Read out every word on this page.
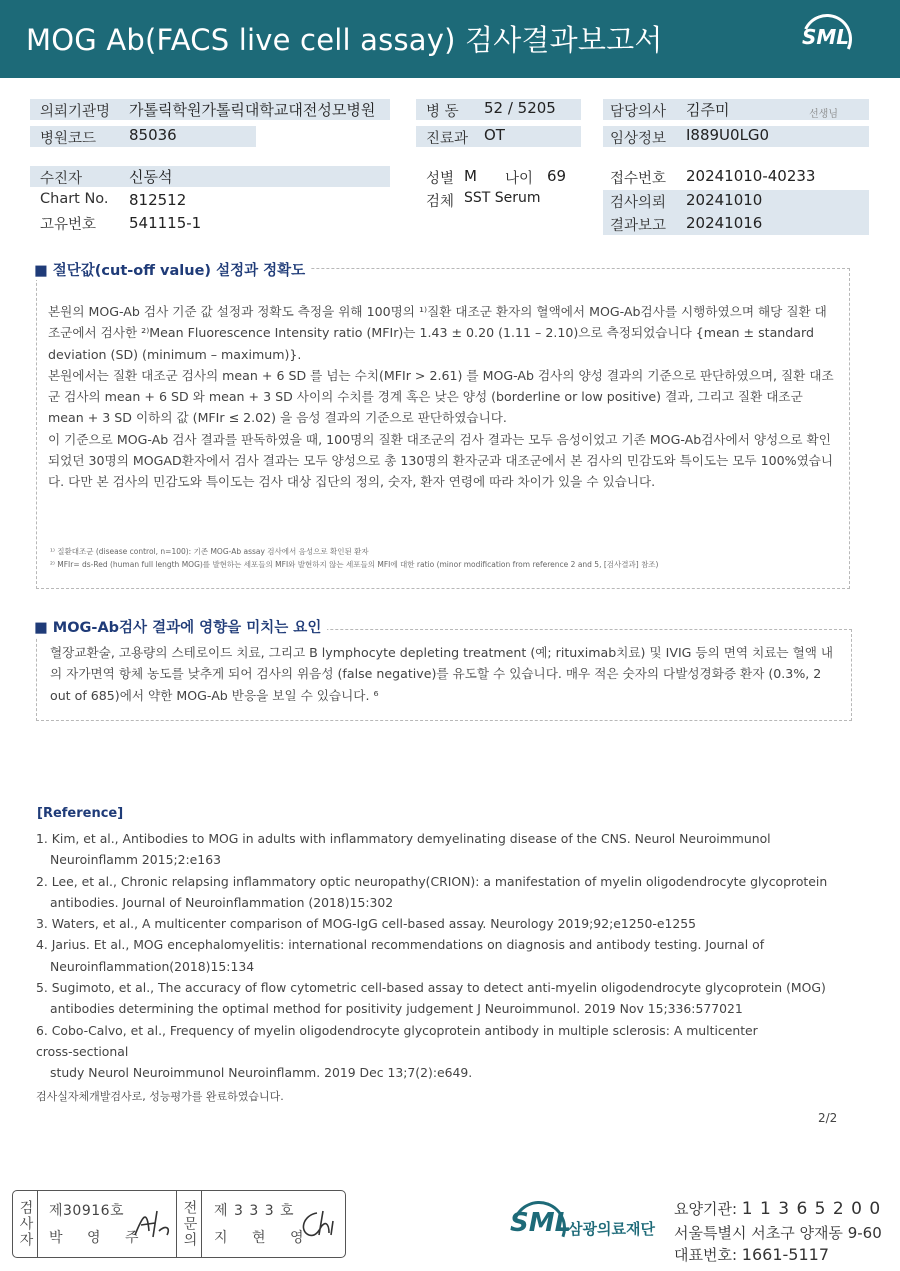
MOG Ab(FACS live cell assay) 검사결과보고서	SML
의뢰기관명 가톨릭학원가톨릭대학교대전성모병원
병원코드 85036
병 동 52 / 5205
진료과 OT
담당의사 김주미	선생님
임상정보 I889U0LG0
수진자	신동석
Chart No. 812512
고유번호 541115-1
성별 M 나이 69
검체 SST Serum
접수번호 20241010-40233
검사의뢰 20241010
결과보고 20241016
■ 절단값(cut-off value) 설정과 정확도

본원의 MOG-Ab 검사 기준 값 설정과 정확도 측정을 위해 100명의 ¹⁾질환 대조군 환자의 혈액에서 MOG-Ab검사를 시행하였으며 해당 질환 대조군에서 검사한 ²⁾Mean Fluorescence Intensity ratio (MFIr)는 1.43 ± 0.20 (1.11 – 2.10)으로 측정되었습니다 {mean ± standard deviation (SD) (minimum – maximum)}.

본원에서는 질환 대조군 검사의 mean + 6 SD 를 넘는 수치(MFIr > 2.61) 를 MOG-Ab 검사의 양성 결과의 기준으로 판단하였으며, 질환 대조군 검사의 mean + 6 SD 와 mean + 3 SD 사이의 수치를 경계 혹은 낮은 양성 (borderline or low positive) 결과, 그리고 질환 대조군 mean + 3 SD 이하의 값 (MFIr ≤ 2.02) 을 음성 결과의 기준으로 판단하였습니다.

이 기준으로 MOG-Ab 검사 결과를 판독하였을 때, 100명의 질환 대조군의 검사 결과는 모두 음성이었고 기존 MOG-Ab검사에서 양성으로 확인되었던 30명의 MOGAD환자에서 검사 결과는 모두 양성으로 총 130명의 환자군과 대조군에서 본 검사의 민감도와 특이도는 모두 100%였습니다. 다만 본 검사의 민감도와 특이도는 검사 대상 집단의 정의, 숫자, 환자 연령에 따라 차이가 있을 수 있습니다.

¹⁾ 질환대조군 (disease control, n=100): 기존 MOG-Ab assay 검사에서 음성으로 확인된 환자
²⁾ MFIr= ds-Red (human full length MOG)를 발현하는 세포들의 MFI와 발현하지 않는 세포들의 MFI에 대한 ratio (minor modification from reference 2 and 5, [검사결과] 참조)
■ MOG-Ab검사 결과에 영향을 미치는 요인

혈장교환술, 고용량의 스테로이드 치료, 그리고 B lymphocyte depleting treatment (예; rituximab치료) 및 IVIG 등의 면역 치료는 혈액 내의 자가면역 항체 농도를 낮추게 되어 검사의 위음성 (false negative)를 유도할 수 있습니다. 매우 적은 숫자의 다발성경화증 환자 (0.3%, 2 out of 685)에서 약한 MOG-Ab 반응을 보일 수 있습니다. ⁶

[Reference]
1. Kim, et al., Antibodies to MOG in adults with inflammatory demyelinating disease of the CNS. Neurol Neuroimmunol
Neuroinflamm 2015;2:e163
2. Lee, et al., Chronic relapsing inflammatory optic neuropathy(CRION): a manifestation of myelin oligodendrocyte glycoprotein
antibodies. Journal of Neuroinflammation (2018)15:302
3. Waters, et al., A multicenter comparison of MOG-IgG cell-based assay. Neurology 2019;92;e1250-e1255
4. Jarius. Et al., MOG encephalomyelitis: international recommendations on diagnosis and antibody testing. Journal of
Neuroinflammation(2018)15:134
5. Sugimoto, et al., The accuracy of flow cytometric cell-based assay to detect anti-myelin oligodendrocyte glycoprotein (MOG)
antibodies determining the optimal method for positivity judgement J Neuroimmunol. 2019 Nov 15;336:577021
6. Cobo-Calvo, et al., Frequency of myelin oligodendrocyte glycoprotein antibody in multiple sclerosis: A multicenter
cross-sectional
study Neurol Neuroimmunol Neuroinflamm. 2019 Dec 13;7(2):e649.
검사실자체개발검사로, 성능평가를 완료하였습니다.
2/2
검사자 제30916호
박 영 주 전문의 제 3 3 3 호
지 현 영	SML
삼광의료재단
요양기관: 1 1 3 6 5 2 0 0
서울특별시 서초구 양재동 9-60
대표번호: 1661-5117
